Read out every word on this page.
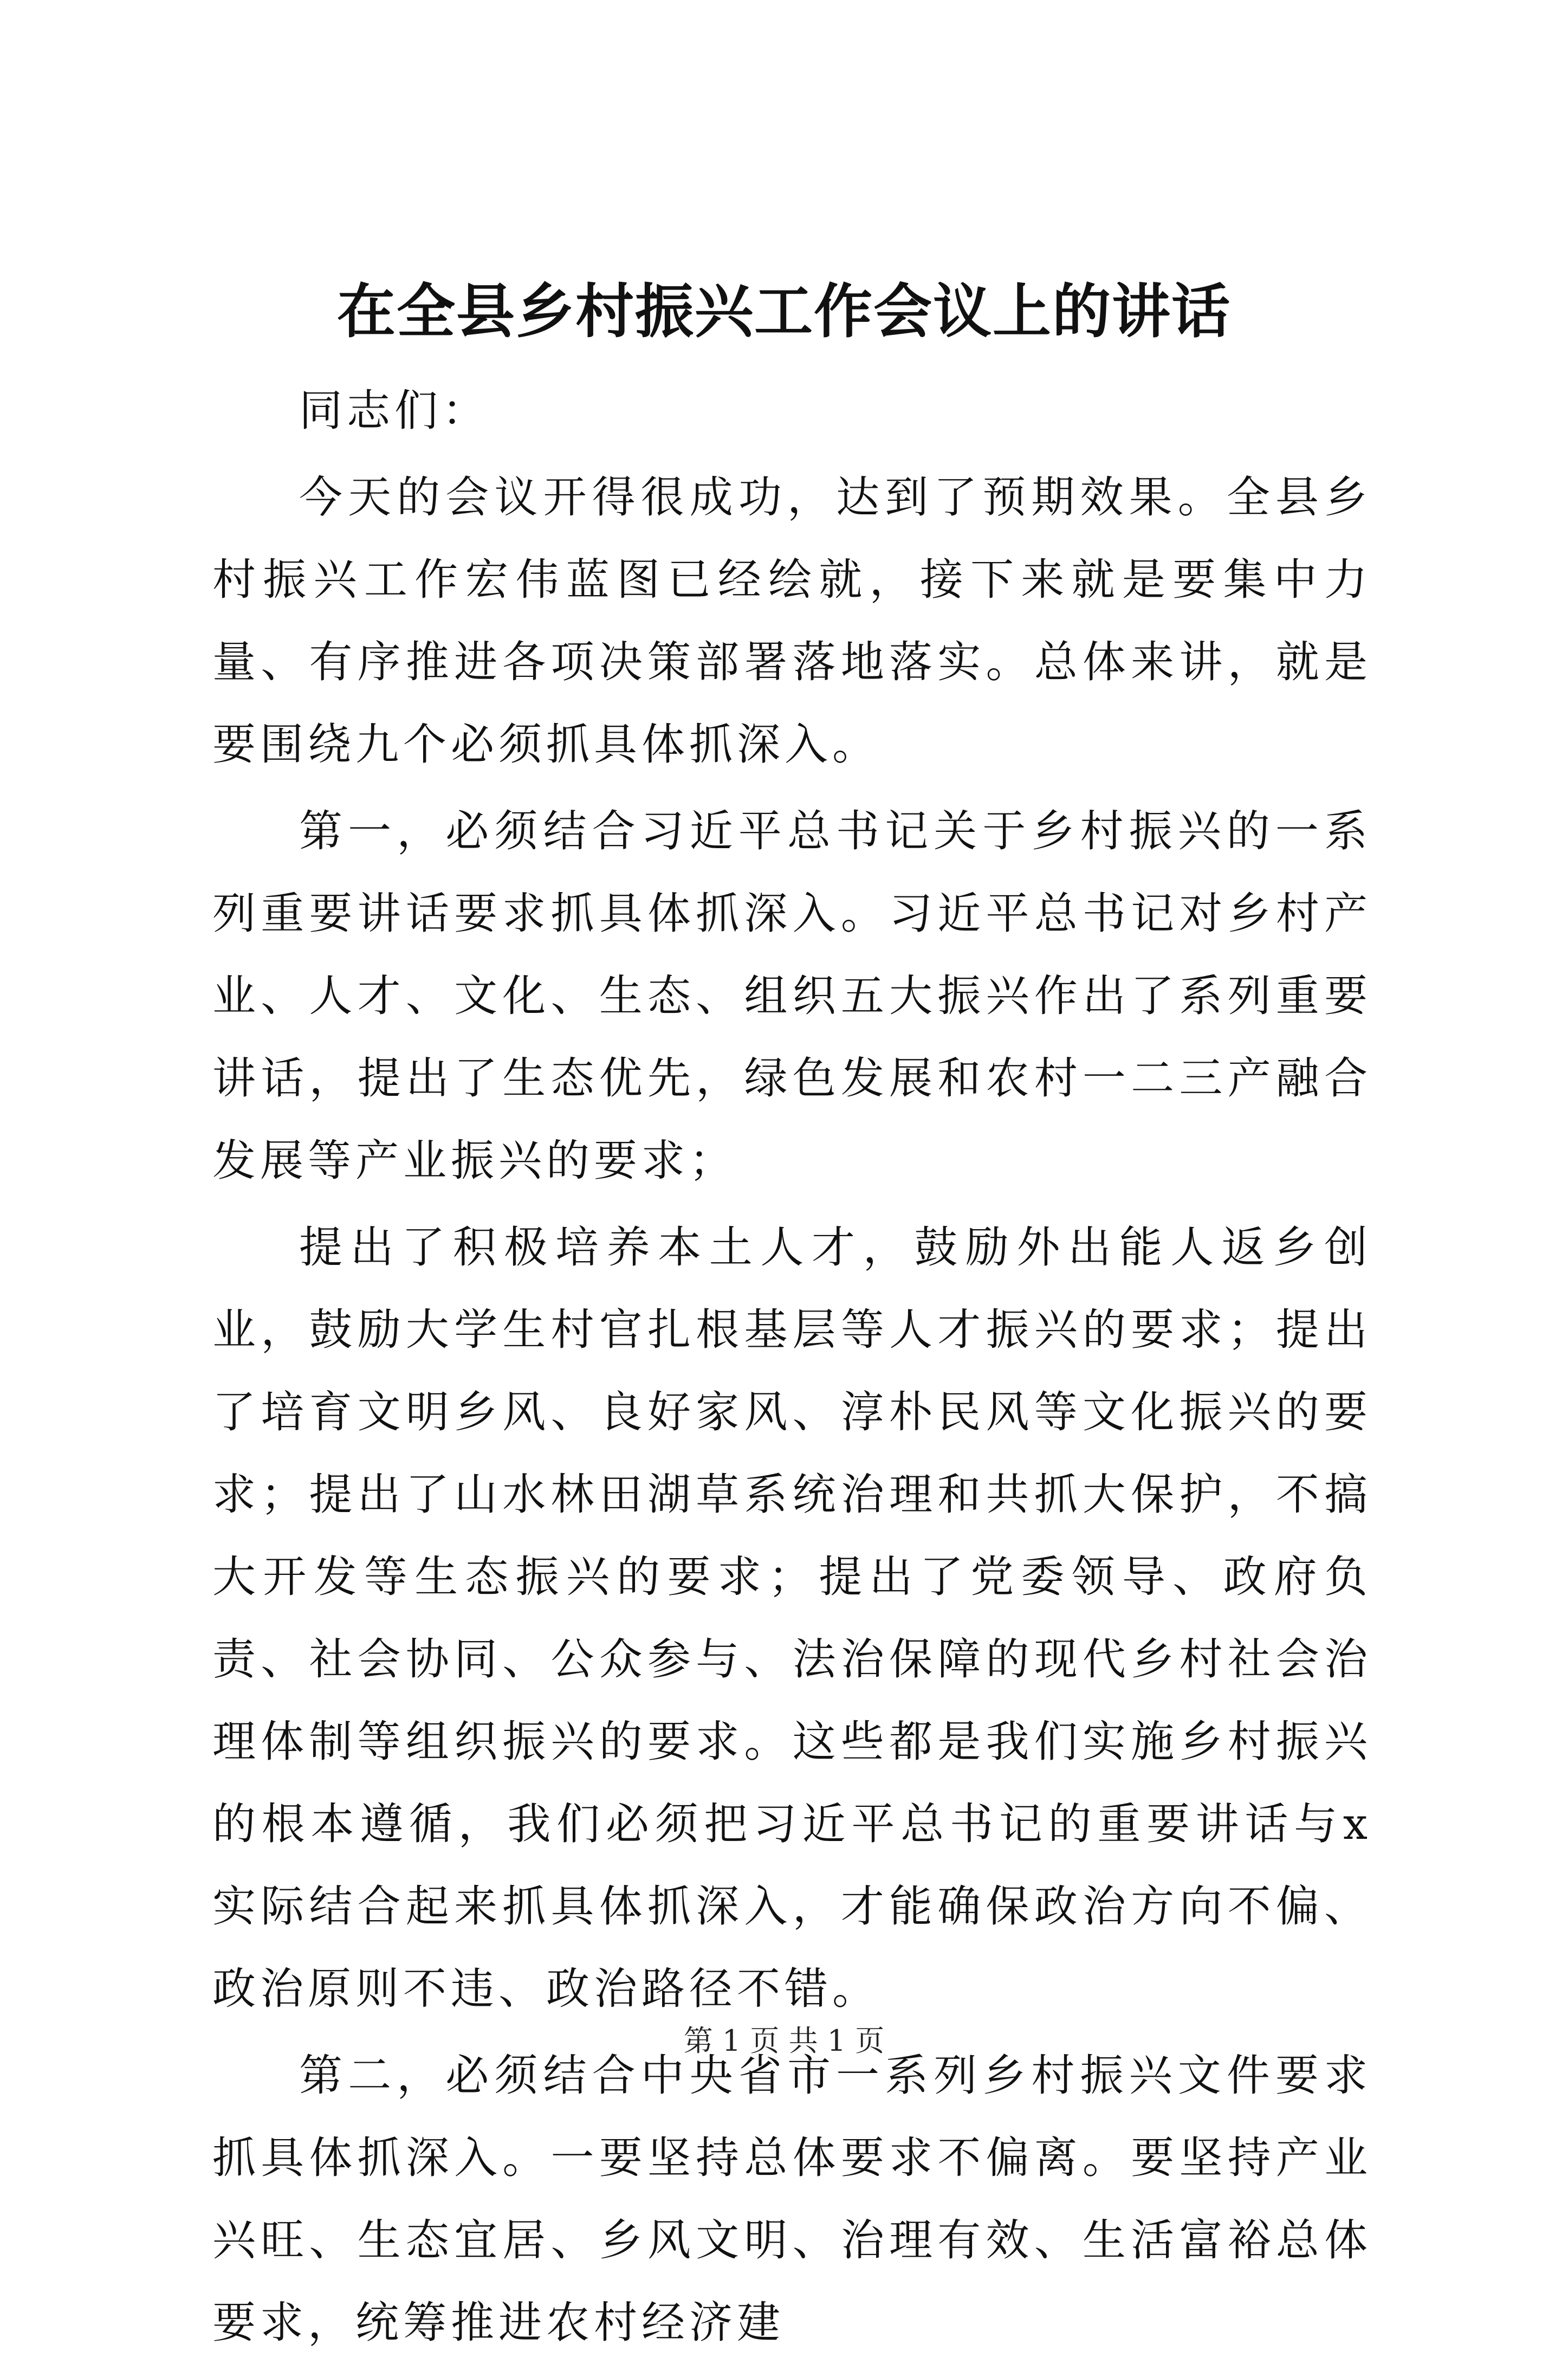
在全县乡村振兴工作会议上的讲话

同志们：

今天的会议开得很成功，达到了预期效果。全县乡村振兴工作宏伟蓝图已经绘就，接下来就是要集中力量、有序推进各项决策部署落地落实。总体来讲，就是要围绕九个必须抓具体抓深入。

第一，必须结合习近平总书记关于乡村振兴的一系列重要讲话要求抓具体抓深入。习近平总书记对乡村产业、人才、文化、生态、组织五大振兴作出了系列重要讲话，提出了生态优先，绿色发展和农村一二三产融合发展等产业振兴的要求；

提出了积极培养本土人才，鼓励外出能人返乡创业，鼓励大学生村官扎根基层等人才振兴的要求；提出了培育文明乡风、良好家风、淳朴民风等文化振兴的要求；提出了山水林田湖草系统治理和共抓大保护，不搞大开发等生态振兴的要求；提出了党委领导、政府负责、社会协同、公众参与、法治保障的现代乡村社会治理体制等组织振兴的要求。这些都是我们实施乡村振兴的根本遵循，我们必须把习近平总书记的重要讲话与x实际结合起来抓具体抓深入，才能确保政治方向不偏、政治原则不违、政治路径不错。

第二，必须结合中央省市一系列乡村振兴文件要求抓具体抓深入。一要坚持总体要求不偏离。要坚持产业兴旺、生态宜居、乡风文明、治理有效、生活富裕总体要求，统筹推进农村经济建

第 1 页 共 1 页
